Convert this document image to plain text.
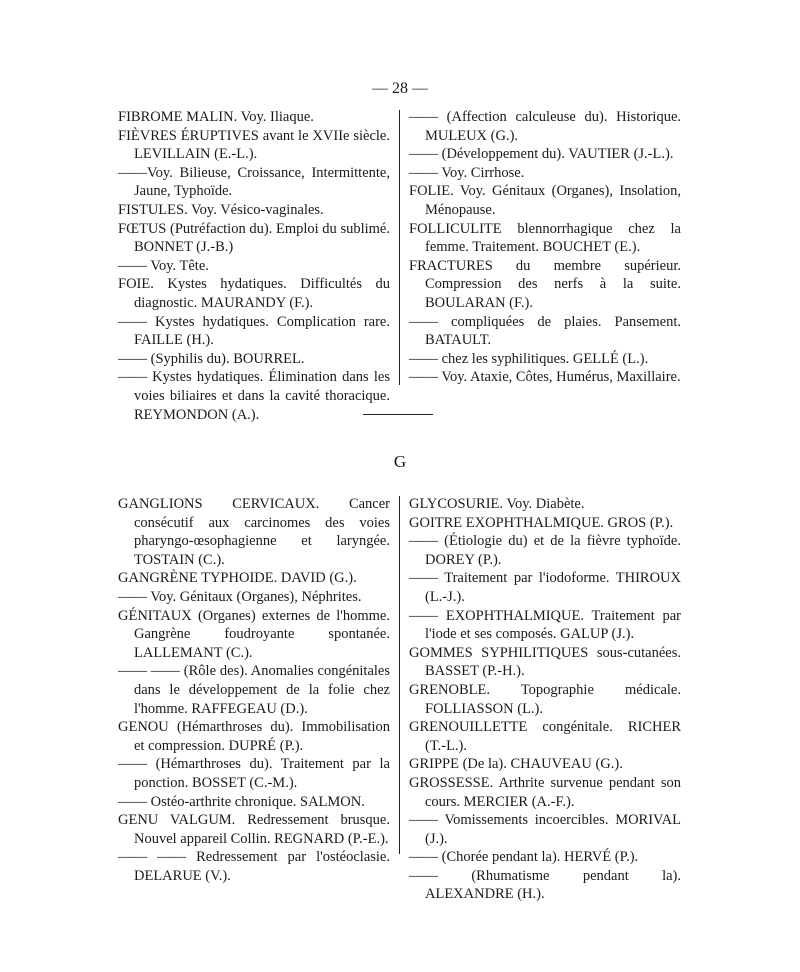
— 28 —
FIBROME MALIN. Voy. Iliaque.
FIÈVRES ÉRUPTIVES avant le XVIIe siècle. LEVILLAIN (E.-L.).
——Voy. Bilieuse, Croissance, Intermittente, Jaune, Typhoïde.
FISTULES. Voy. Vésico-vaginales.
FŒTUS (Putréfaction du). Emploi du sublimé. BONNET (J.-B.)
—— Voy. Tête.
FOIE. Kystes hydatiques. Difficultés du diagnostic. MAURANDY (F.).
—— Kystes hydatiques. Complication rare. FAILLE (H.).
—— (Syphilis du). BOURREL.
—— Kystes hydatiques. Élimination dans les voies biliaires et dans la cavité thoracique. REYMONDON (A.).
—— (Affection calculeuse du). Historique. MULEUX (G.).
—— (Développement du). VAUTIER (J.-L.).
—— Voy. Cirrhose.
FOLIE. Voy. Génitaux (Organes), Insolation, Ménopause.
FOLLICULITE blennorrhagique chez la femme. Traitement. BOUCHET (E.).
FRACTURES du membre supérieur. Compression des nerfs à la suite. BOULARAN (F.).
—— compliquées de plaies. Pansement. BATAULT.
—— chez les syphilitiques. GELLÉ (L.).
—— Voy. Ataxie, Côtes, Humérus, Maxillaire.
G
GANGLIONS CERVICAUX. Cancer consécutif aux carcinomes des voies pharyngo-œsophagienne et laryngée. TOSTAIN (C.).
GANGRÈNE TYPHOIDE. DAVID (G.).
—— Voy. Génitaux (Organes), Néphrites.
GÉNITAUX (Organes) externes de l'homme. Gangrène foudroyante spontanée. LALLEMANT (C.).
—— —— (Rôle des). Anomalies congénitales dans le développement de la folie chez l'homme. RAFFEGEAU (D.).
GENOU (Hémarthroses du). Immobilisation et compression. DUPRÉ (P.).
—— (Hémarthroses du). Traitement par la ponction. BOSSET (C.-M.).
—— Ostéo-arthrite chronique. SALMON.
GENU VALGUM. Redressement brusque. Nouvel appareil Collin. REGNARD (P.-E.).
—— —— Redressement par l'ostéoclasie. DELARUE (V.).
GLYCOSURIE. Voy. Diabète.
GOITRE EXOPHTHALMIQUE. GROS (P.).
—— (Étiologie du) et de la fièvre typhoïde. DOREY (P.).
—— Traitement par l'iodoforme. THIROUX (L.-J.).
—— EXOPHTHALMIQUE. Traitement par l'iode et ses composés. GALUP (J.).
GOMMES SYPHILITIQUES sous-cutanées. BASSET (P.-H.).
GRENOBLE. Topographie médicale. FOLLIASSON (L.).
GRENOUILLETTE congénitale. RICHER (T.-L.).
GRIPPE (De la). CHAUVEAU (G.).
GROSSESSE. Arthrite survenue pendant son cours. MERCIER (A.-F.).
—— Vomissements incoercibles. MORIVAL (J.).
—— (Chorée pendant la). HERVÉ (P.).
—— (Rhumatisme pendant la). ALEXANDRE (H.).
